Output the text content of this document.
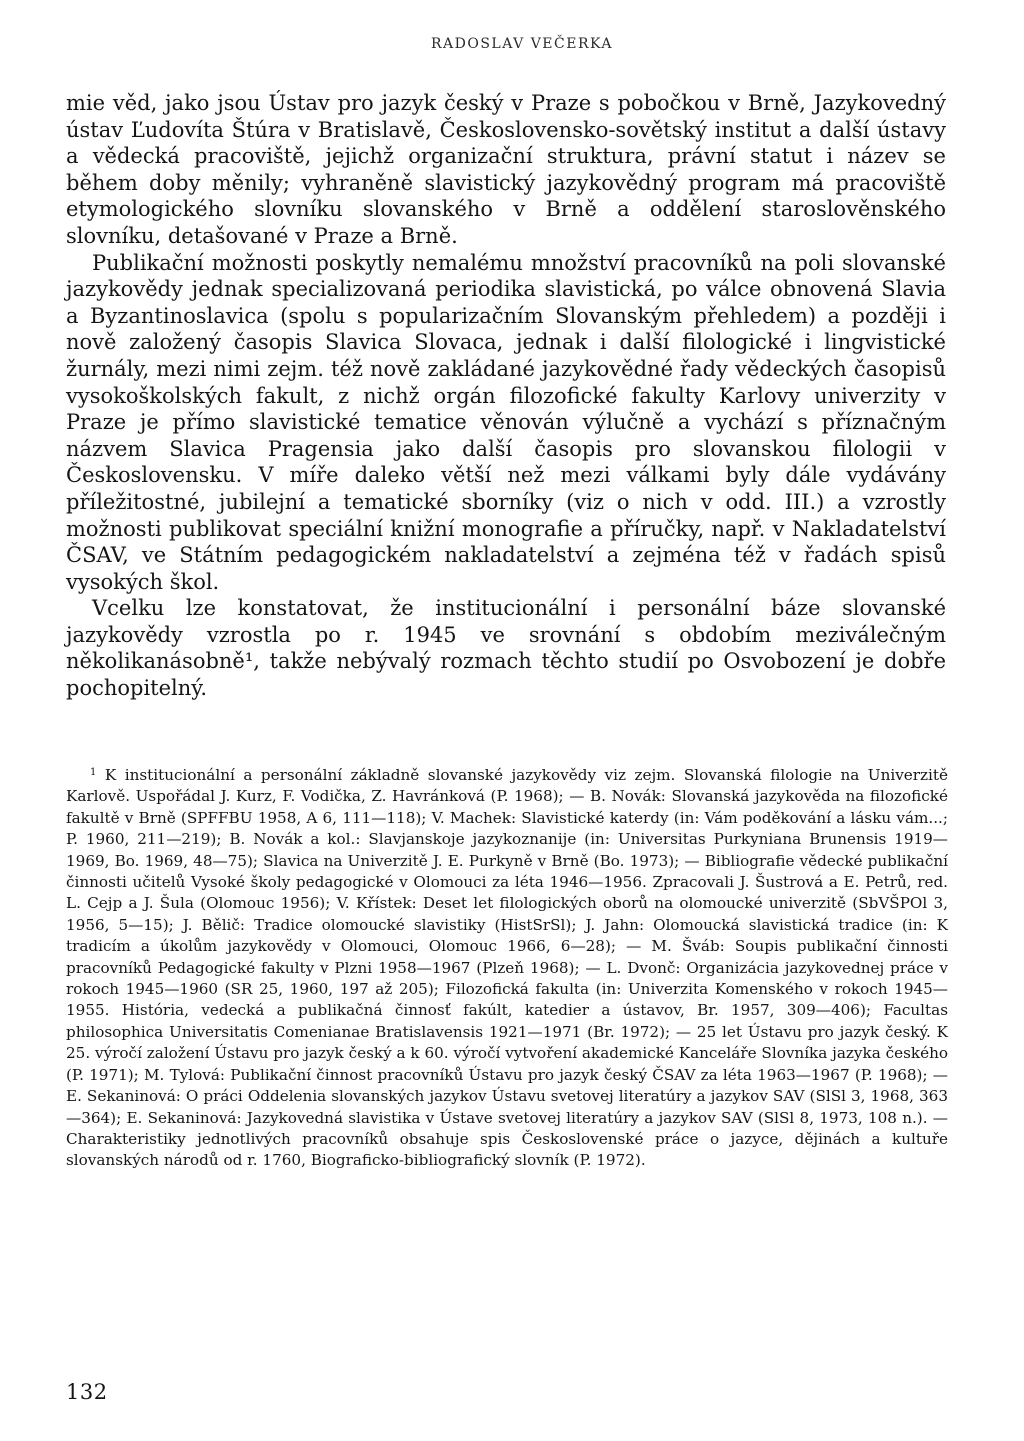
RADOSLAV VEČERKA

mie věd, jako jsou Ústav pro jazyk český v Praze s pobočkou v Brně, Jazykovedný ústav Ľudovíta Štúra v Bratislavě, Československo-sovětský institut a další ústavy a vědecká pracoviště, jejichž organizační struktura, právní statut i název se během doby měnily; vyhraněně slavistický jazykovědný program má pracoviště etymologického slovníku slovanského v Brně a oddělení staroslověnského slovníku, detašované v Praze a Brně.

Publikační možnosti poskytly nemalému množství pracovníků na poli slovanské jazykovědy jednak specializovaná periodika slavistická, po válce obnovená Slavia a Byzantinoslavica (spolu s popularizačním Slovanským přehledem) a později i nově založený časopis Slavica Slovaca, jednak i další filologické i lingvistické žurnály, mezi nimi zejm. též nově zakládané jazykovědné řady vědeckých časopisů vysokoškolských fakult, z nichž orgán filozofické fakulty Karlovy univerzity v Praze je přímo slavistické tematice věnován výlučně a vychází s příznačným názvem Slavica Pragensia jako další časopis pro slovanskou filologii v Československu. V míře daleko větší než mezi válkami byly dále vydávány příležitostné, jubilejní a tematické sborníky (viz o nich v odd. III.) a vzrostly možnosti publikovat speciální knižní monografie a příručky, např. v Nakladatelství ČSAV, ve Státním pedagogickém nakladatelství a zejména též v řadách spisů vysokých škol.

Vcelku lze konstatovat, že institucionální i personální báze slovanské jazykovědy vzrostla po r. 1945 ve srovnání s obdobím meziválečným několikanásobně¹, takže nebývalý rozmach těchto studií po Osvobození je dobře pochopitelný.

$^1$ K institucionální a personální základně slovanské jazykovědy viz zejm. Slovanská filologie na Univerzitě Karlově. Uspořádal J. Kurz, F. Vodička, Z. Havránková (P. 1968); — B. Novák: Slovanská jazykověda na filozofické fakultě v Brně (SPFFBU 1958, A 6, 111—118); V. Machek: Slavistické katerdy (in: Vám poděkování a lásku vám...; P. 1960, 211—219); B. Novák a kol.: Slavjanskoje jazykoznanije (in: Universitas Purkyniana Brunensis 1919—1969, Bo. 1969, 48—75); Slavica na Univerzitě J. E. Purkyně v Brně (Bo. 1973); — Bibliografie vědecké publikační činnosti učitelů Vysoké školy pedagogické v Olomouci za léta 1946—1956. Zpracovali J. Šustrová a E. Petrů, red. L. Cejp a J. Šula (Olomouc 1956); V. Křístek: Deset let filologických oborů na olomoucké univerzitě (SbVŠPOl 3, 1956, 5—15); J. Bělič: Tradice olomoucké slavistiky (HistSrSl); J. Jahn: Olomoucká slavistická tradice (in: K tradicím a úkolům jazykovědy v Olomouci, Olomouc 1966, 6—28); — M. Šváb: Soupis publikační činnosti pracovníků Pedagogické fakulty v Plzni 1958—1967 (Plzeň 1968); — L. Dvonč: Organizácia jazykovednej práce v rokoch 1945—1960 (SR 25, 1960, 197 až 205); Filozofická fakulta (in: Univerzita Komenského v rokoch 1945—1955. História, vedecká a publikačná činnosť fakúlt, katedier a ústavov, Br. 1957, 309—406); Facultas philosophica Universitatis Comenianae Bratislavensis 1921—1971 (Br. 1972); — 25 let Ústavu pro jazyk český. K 25. výročí založení Ústavu pro jazyk český a k 60. výročí vytvoření akademické Kanceláře Slovníka jazyka českého (P. 1971); M. Tylová: Publikační činnost pracovníků Ústavu pro jazyk český ČSAV za léta 1963—1967 (P. 1968); — E. Sekaninová: O práci Oddelenia slovanských jazykov Ústavu svetovej literatúry a jazykov SAV (SlSl 3, 1968, 363—364); E. Sekaninová: Jazykovedná slavistika v Ústave svetovej literatúry a jazykov SAV (SlSl 8, 1973, 108 n.). — Charakteristiky jednotlivých pracovníků obsahuje spis Československé práce o jazyce, dějinách a kultuře slovanských národů od r. 1760, Biograficko-bibliografický slovník (P. 1972).

132
